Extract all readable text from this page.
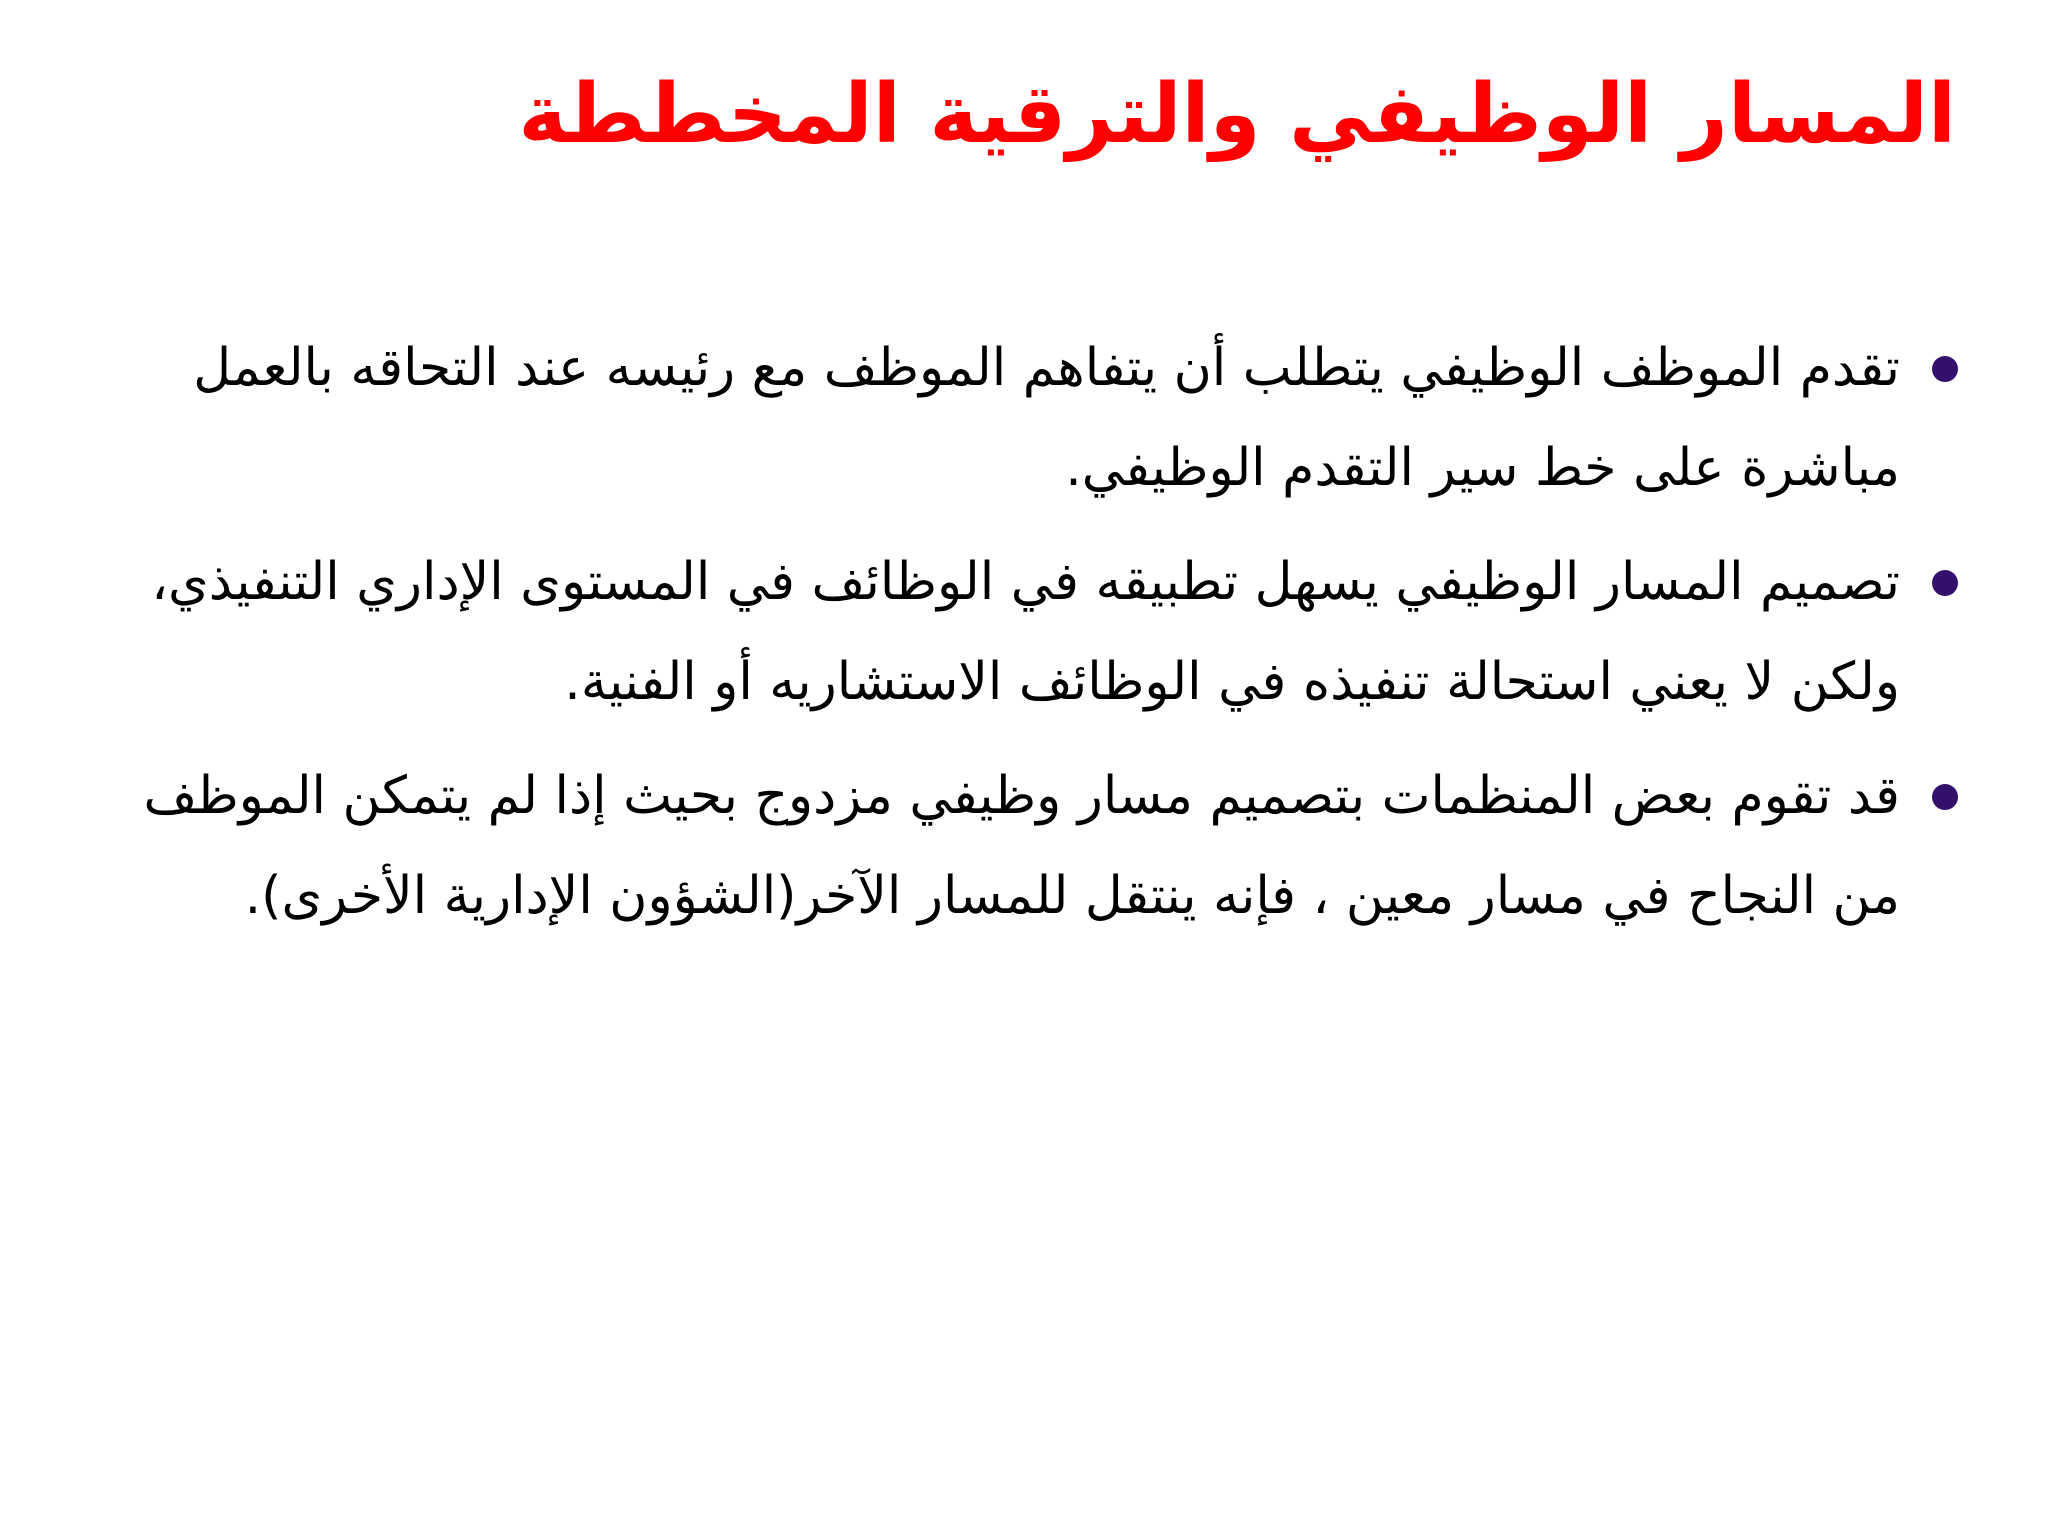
المسار الوظيفي والترقية المخططة
تقدم الموظف الوظيفي يتطلب أن يتفاهم الموظف مع رئيسه عند التحاقه بالعمل مباشرة على خط سير التقدم الوظيفي.
تصميم المسار الوظيفي يسهل تطبيقه في الوظائف في المستوى الإداري التنفيذي، ولكن لا يعني استحالة تنفيذه في الوظائف الاستشاريه أو الفنية.
قد تقوم بعض المنظمات بتصميم مسار وظيفي مزدوج بحيث إذا لم يتمكن الموظف من النجاح في مسار معين ، فإنه ينتقل للمسار الآخر(الشؤون الإدارية الأخرى).
